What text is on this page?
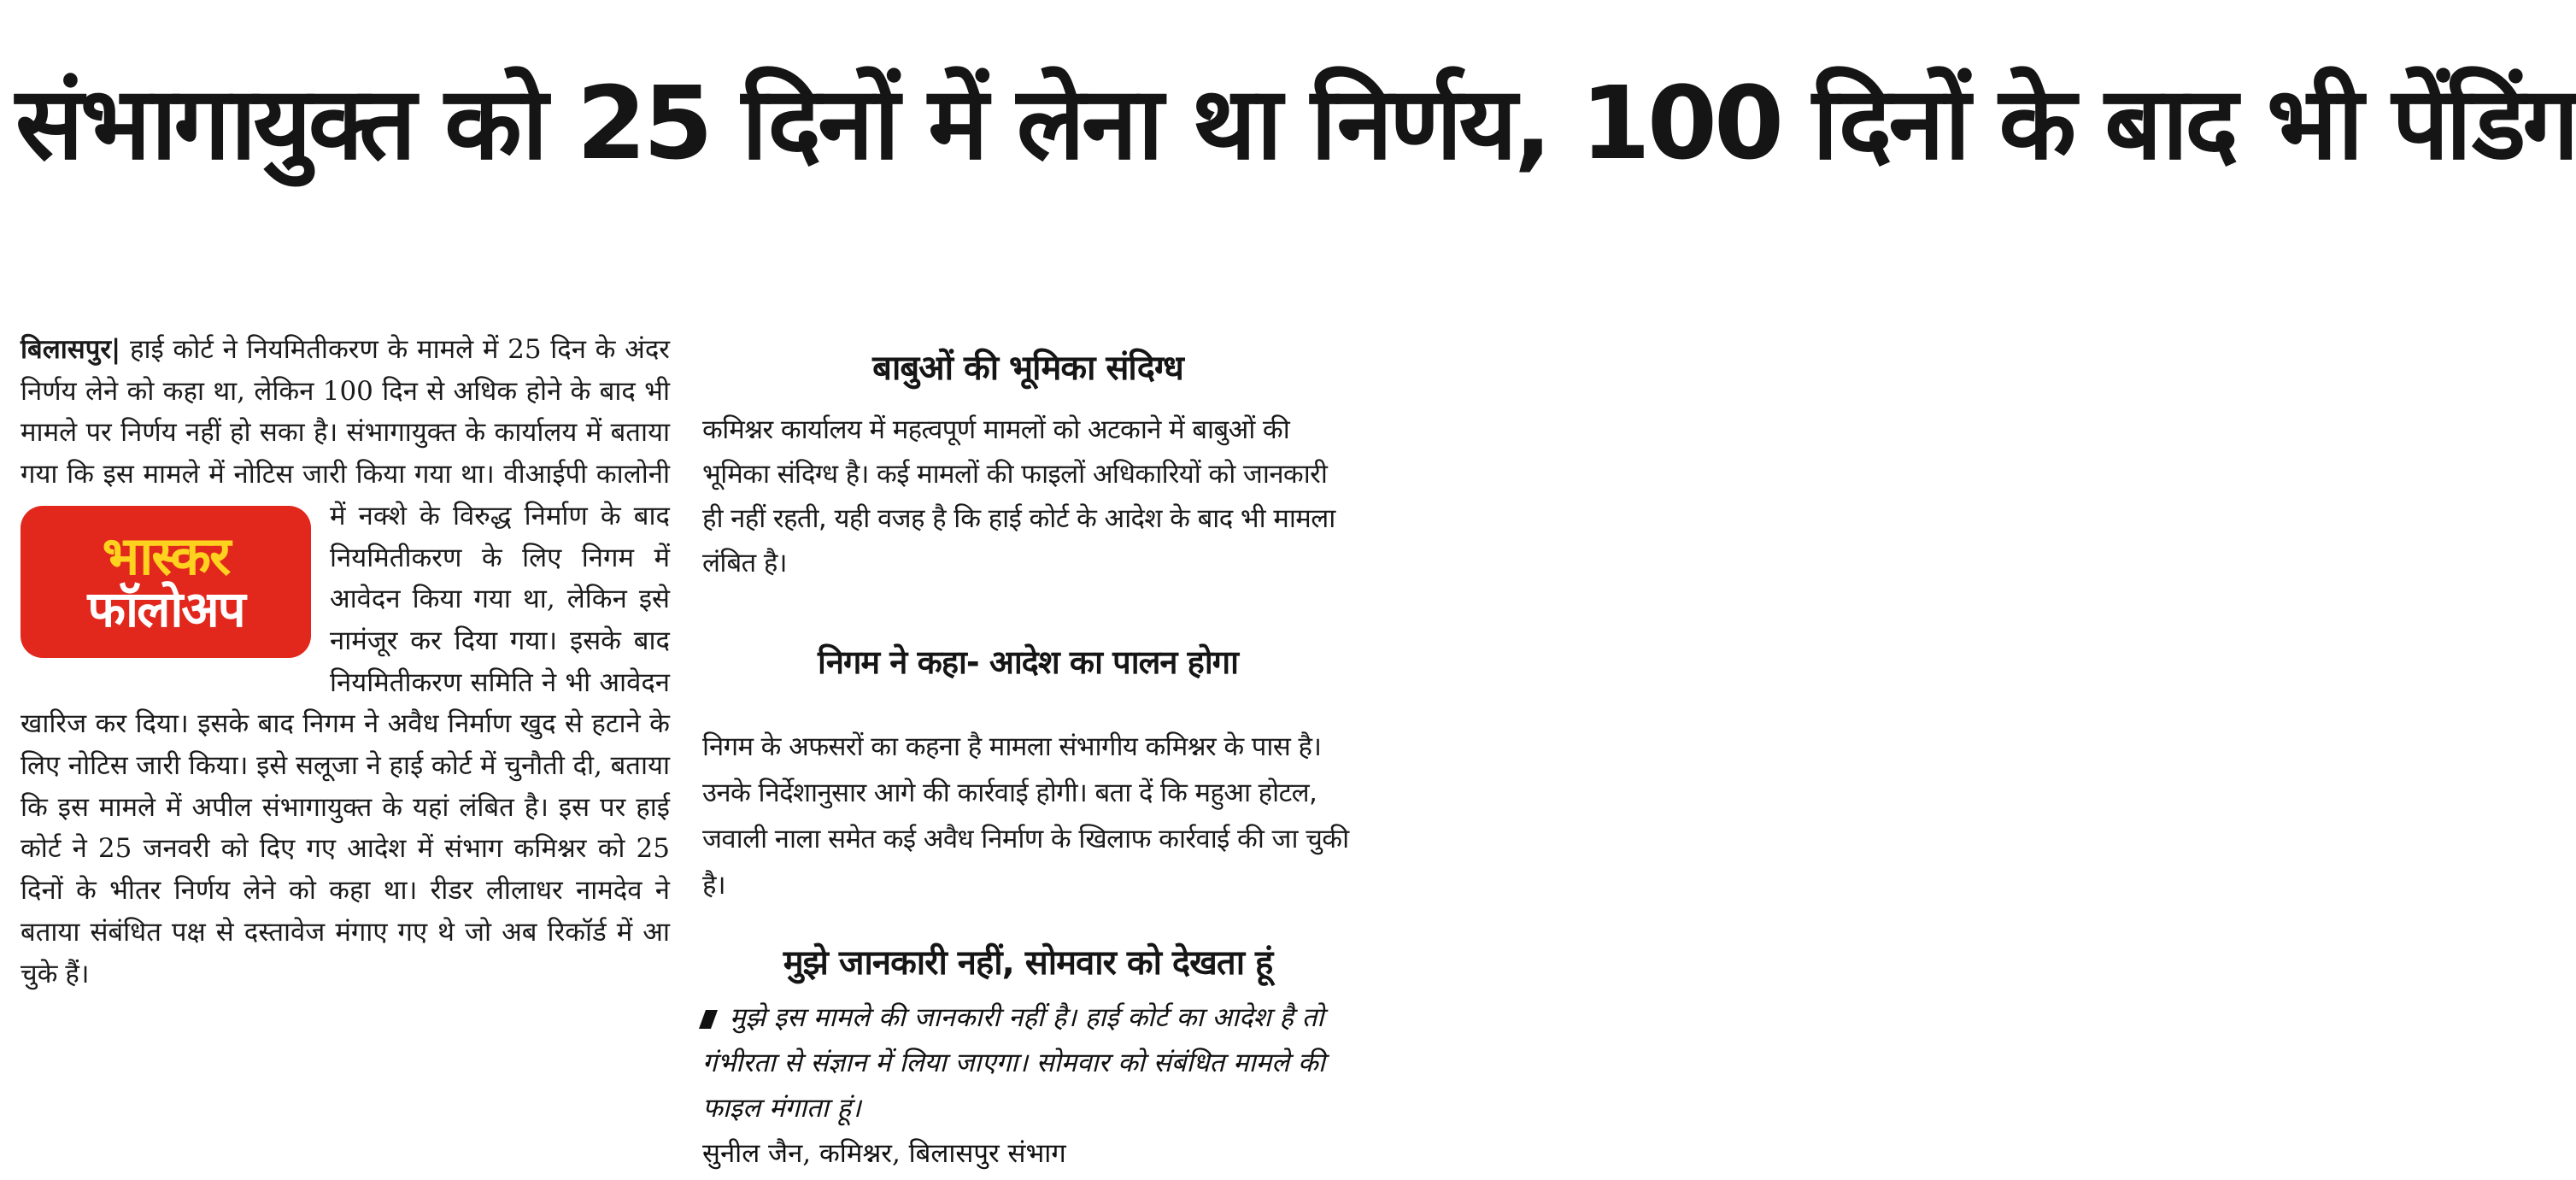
संभागायुक्त को 25 दिनों में लेना था निर्णय, 100 दिनों के बाद भी पेंडिंग
बिलासपुर| हाई कोर्ट ने नियमितीकरण के मामले में 25 दिन के अंदर निर्णय लेने को कहा था, लेकिन 100 दिन से अधिक होने के बाद भी मामले पर निर्णय नहीं हो सका है। संभागायुक्त के कार्यालय में बताया गया कि इस मामले में नोटिस जारी किया गया था। वीआईपी कालोनी
भास्कर
फॉलोअप
में नक्शे के विरुद्ध निर्माण के बाद नियमितीकरण के लिए निगम में आवेदन किया गया था, लेकिन इसे नामंजूर कर दिया गया। इसके बाद नियमितीकरण समिति ने भी आवेदन खारिज कर दिया। इसके बाद निगम ने अवैध निर्माण खुद से हटाने के लिए नोटिस जारी किया। इसे सलूजा ने हाई कोर्ट में चुनौती दी, बताया कि इस मामले में अपील संभागायुक्त के यहां लंबित है। इस पर हाई कोर्ट ने 25 जनवरी को दिए गए आदेश में संभाग कमिश्नर को 25 दिनों के भीतर निर्णय लेने को कहा था। रीडर लीलाधर नामदेव ने बताया संबंधित पक्ष से दस्तावेज मंगाए गए थे जो अब रिकॉर्ड में आ चुके हैं।
बाबुओं की भूमिका संदिग्ध

कमिश्नर कार्यालय में महत्वपूर्ण मामलों को अटकाने में बाबुओं की भूमिका संदिग्ध है। कई मामलों की फाइलों अधिकारियों को जानकारी ही नहीं रहती, यही वजह है कि हाई कोर्ट के आदेश के बाद भी मामला लंबित है।

निगम ने कहा- आदेश का पालन होगा

निगम के अफसरों का कहना है मामला संभागीय कमिश्नर के पास है। उनके निर्देशानुसार आगे की कार्रवाई होगी। बता दें कि महुआ होटल, जवाली नाला समेत कई अवैध निर्माण के खिलाफ कार्रवाई की जा चुकी है।

मुझे जानकारी नहीं, सोमवार को देखता हूं

मुझे इस मामले की जानकारी नहीं है। हाई कोर्ट का आदेश है तो गंभीरता से संज्ञान में लिया जाएगा। सोमवार को संबंधित मामले की फाइल मंगाता हूं।

सुनील जैन, कमिश्नर, बिलासपुर संभाग
